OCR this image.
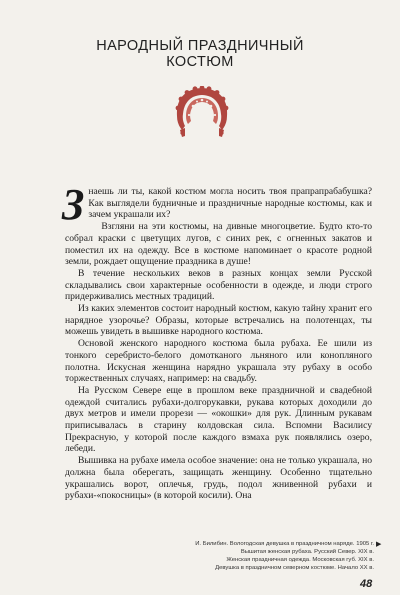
НАРОДНЫЙ ПРАЗДНИЧНЫЙ
КОСТЮМ

Знаешь ли ты, какой костюм могла носить твоя прапрапрабабушка? Как выглядели будничные и праздничные народные костюмы, как и зачем украшали их?

Взгляни на эти костюмы, на дивные многоцветие. Будто кто-то собрал краски с цветущих лугов, с синих рек, с огненных закатов и поместил их на одежду. Все в костюме напоминает о красоте родной земли, рождает ощущение праздника в душе!

В течение нескольких веков в разных концах земли Русской складывались свои характерные особенности в одежде, и люди строго придерживались местных традиций.

Из каких элементов состоит народный костюм, какую тайну хранит его нарядное узорочье? Образы, которые встречались на полотенцах, ты можешь увидеть в вышивке народного костюма.

Основой женского народного костюма была рубаха. Ее шили из тонкого серебристо-белого домотканого льняного или конопляного полотна. Искусная женщина нарядно украшала эту рубаху в особо торжественных случаях, например: на свадьбу.

На Русском Севере еще в прошлом веке праздничной и свадебной одеждой считались рубахи-долгорукавки, рукава которых доходили до двух метров и имели прорези — «окошки» для рук. Длинным рукавам приписывалась в старину колдовская сила. Вспомни Василису Прекрасную, у которой после каждого взмаха рук появлялись озеро, лебеди.

Вышивка на рубахе имела особое значение: она не только украшала, но должна была оберегать, защищать женщину. Особенно тщательно украшались ворот, оплечья, грудь, подол жнивенной рубахи и рубахи-«покосницы» (в которой косили). Она

И. Билибин. Вологодская девушка в праздничном наряде. 1905 г.
Вышитая женская рубаха. Русский Север. XIX в.
Женская праздничная одежда. Московская губ. XIX в.
Девушка в праздничном северном костюме. Начало XX в.
▶
48
